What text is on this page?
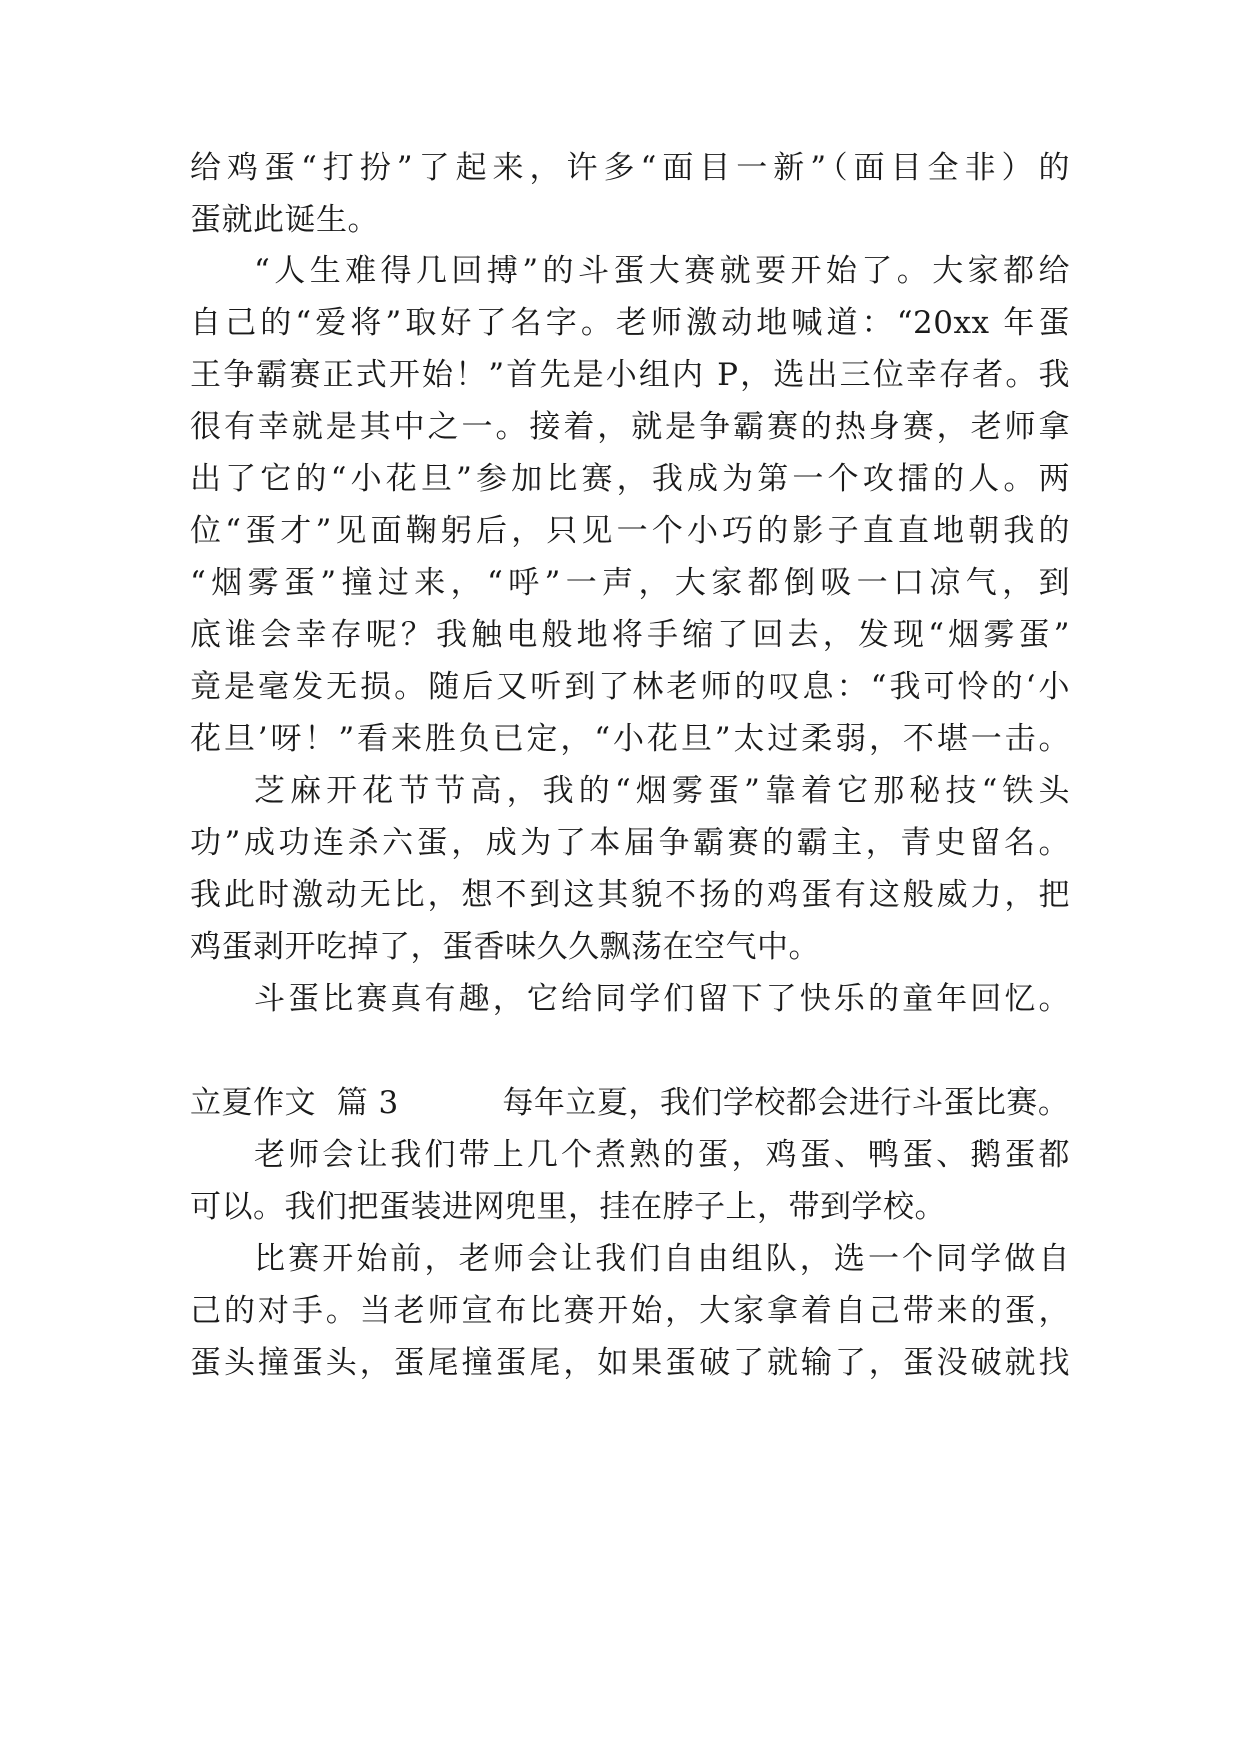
给鸡蛋“打扮”了起来，许多“面目一新”（面目全非）的
蛋就此诞生。
“人生难得几回搏”的斗蛋大赛就要开始了。大家都给
自己的“爱将”取好了名字。老师激动地喊道：“20xx 年蛋
王争霸赛正式开始！”首先是小组内 P，选出三位幸存者。我
很有幸就是其中之一。接着，就是争霸赛的热身赛，老师拿
出了它的“小花旦”参加比赛，我成为第一个攻擂的人。两
位“蛋才”见面鞠躬后，只见一个小巧的影子直直地朝我的
“烟雾蛋”撞过来，“呼”一声，大家都倒吸一口凉气，到
底谁会幸存呢？我触电般地将手缩了回去，发现“烟雾蛋”
竟是毫发无损。随后又听到了林老师的叹息：“我可怜的‘小
花旦’呀！”看来胜负已定，“小花旦”太过柔弱，不堪一击。
芝麻开花节节高，我的“烟雾蛋”靠着它那秘技“铁头
功”成功连杀六蛋，成为了本届争霸赛的霸主，青史留名。
我此时激动无比，想不到这其貌不扬的鸡蛋有这般威力，把
鸡蛋剥开吃掉了，蛋香味久久飘荡在空气中。
斗蛋比赛真有趣，它给同学们留下了快乐的童年回忆。
立夏作文  篇 3          每年立夏，我们学校都会进行斗蛋比赛。
老师会让我们带上几个煮熟的蛋，鸡蛋、鸭蛋、鹅蛋都
可以。我们把蛋装进网兜里，挂在脖子上，带到学校。
比赛开始前，老师会让我们自由组队，选一个同学做自
己的对手。当老师宣布比赛开始，大家拿着自己带来的蛋，
蛋头撞蛋头，蛋尾撞蛋尾，如果蛋破了就输了，蛋没破就找
